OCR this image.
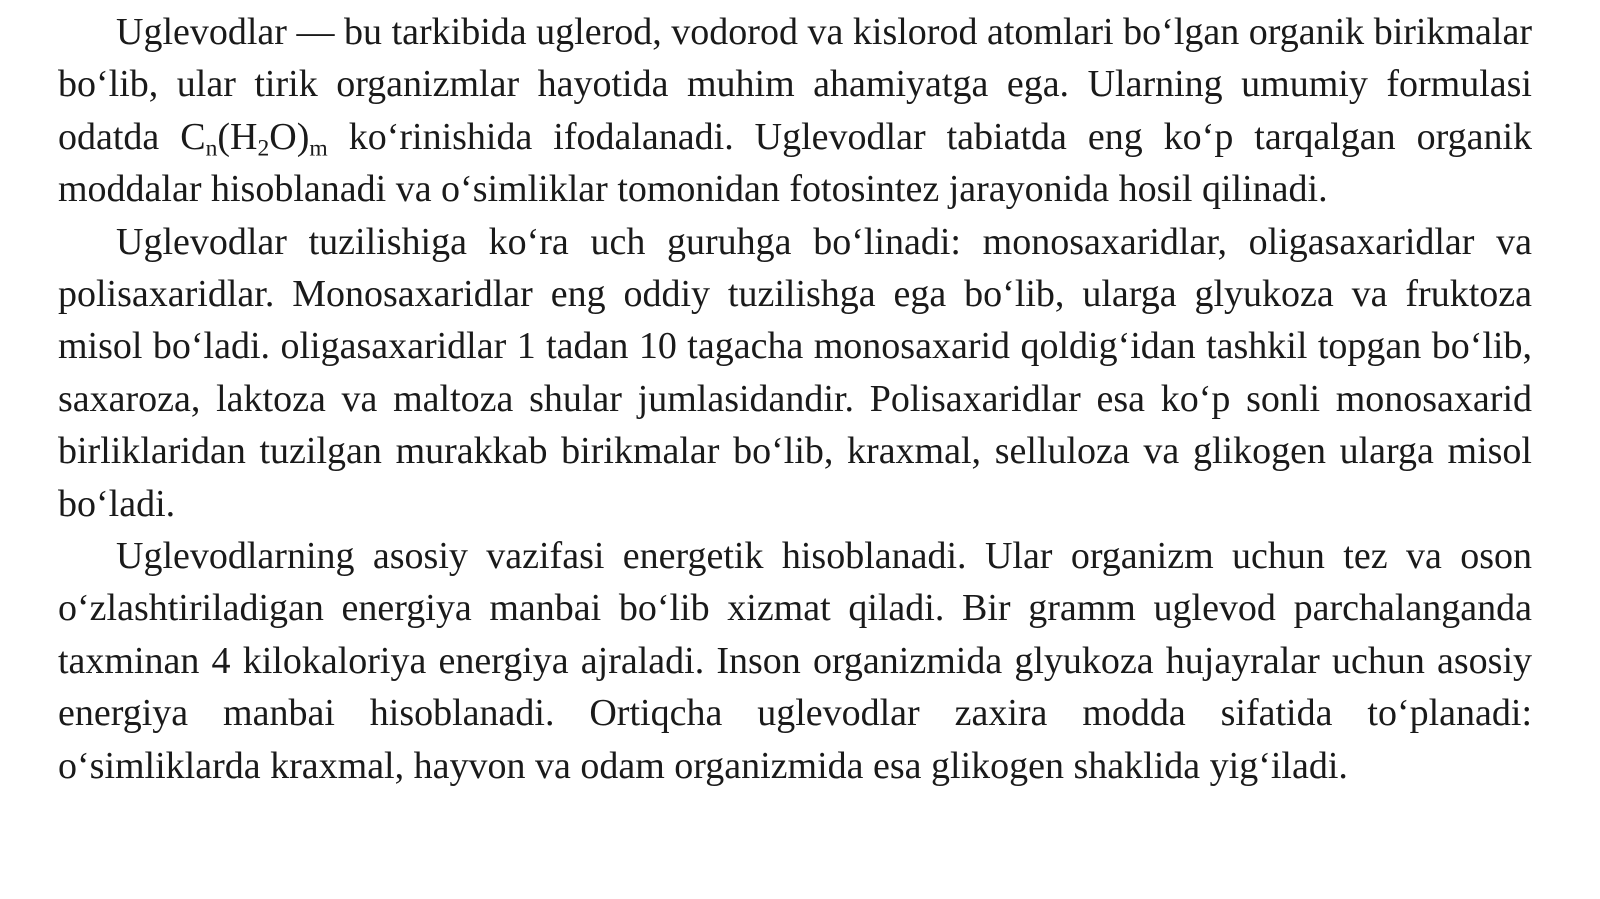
Uglevodlar — bu tarkibida uglerod, vodorod va kislorod atomlari bo‘lgan organik birikmalar bo‘lib, ular tirik organizmlar hayotida muhim ahamiyatga ega. Ularning umumiy formulasi odatda $C_n(H_2O)_m$ ko‘rinishida ifodalanadi. Uglevodlar tabiatda eng ko‘p tarqalgan organik moddalar hisoblanadi va o‘simliklar tomonidan fotosintez jarayonida hosil qilinadi.

Uglevodlar tuzilishiga ko‘ra uch guruhga bo‘linadi: monosaxaridlar, oligasaxaridlar va polisaxaridlar. Monosaxaridlar eng oddiy tuzilishga ega bo‘lib, ularga glyukoza va fruktoza misol bo‘ladi. oligasaxaridlar 1 tadan 10 tagacha monosaxarid qoldig‘idan tashkil topgan bo‘lib, saxaroza, laktoza va maltoza shular jumlasidandir. Polisaxaridlar esa ko‘p sonli monosaxarid birliklaridan tuzilgan murakkab birikmalar bo‘lib, kraxmal, selluloza va glikogen ularga misol bo‘ladi.

Uglevodlarning asosiy vazifasi energetik hisoblanadi. Ular organizm uchun tez va oson o‘zlashtiriladigan energiya manbai bo‘lib xizmat qiladi. Bir gramm uglevod parchalanganda taxminan 4 kilokaloriya energiya ajraladi. Inson organizmida glyukoza hujayralar uchun asosiy energiya manbai hisoblanadi. Ortiqcha uglevodlar zaxira modda sifatida to‘planadi: o‘simliklarda kraxmal, hayvon va odam organizmida esa glikogen shaklida yig‘iladi.
